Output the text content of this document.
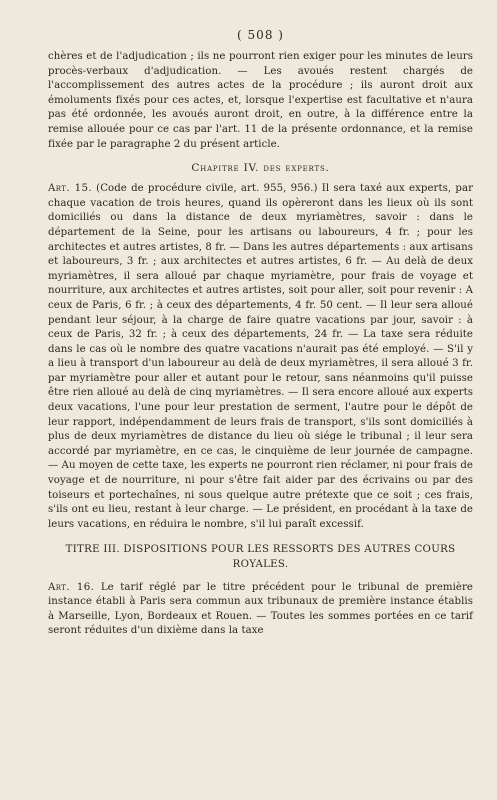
( 508 )

chères et de l'adjudication ; ils ne pourront rien exiger pour les minutes de leurs procès-verbaux d'adjudication. — Les avoués restent chargés de l'accomplissement des autres actes de la procédure ; ils auront droit aux émoluments fixés pour ces actes, et, lorsque l'expertise est facultative et n'aura pas été ordonnée, les avoués auront droit, en outre, à la différence entre la remise allouée pour ce cas par l'art. 11 de la présente ordonnance, et la remise fixée par le paragraphe 2 du présent article.

Chapitre IV. des experts.

Art. 15. (Code de procédure civile, art. 955, 956.) Il sera taxé aux experts, par chaque vacation de trois heures, quand ils opèreront dans les lieux où ils sont domiciliés ou dans la distance de deux myriamètres, savoir : dans le département de la Seine, pour les artisans ou laboureurs, 4 fr. ; pour les architectes et autres artistes, 8 fr. — Dans les autres départements : aux artisans et laboureurs, 3 fr. ; aux architectes et autres artistes, 6 fr. — Au delà de deux myriamètres, il sera alloué par chaque myriamètre, pour frais de voyage et nourriture, aux architectes et autres artistes, soit pour aller, soit pour revenir : A ceux de Paris, 6 fr. ; à ceux des départements, 4 fr. 50 cent. — Il leur sera alloué pendant leur séjour, à la charge de faire quatre vacations par jour, savoir : à ceux de Paris, 32 fr. ; à ceux des départements, 24 fr. — La taxe sera réduite dans le cas où le nombre des quatre vacations n'aurait pas été employé. — S'il y a lieu à transport d'un laboureur au delà de deux myriamètres, il sera alloué 3 fr. par myriamètre pour aller et autant pour le retour, sans néanmoins qu'il puisse être rien alloué au delà de cinq myriamètres. — Il sera encore alloué aux experts deux vacations, l'une pour leur prestation de serment, l'autre pour le dépôt de leur rapport, indépendamment de leurs frais de transport, s'ils sont domiciliés à plus de deux myriamètres de distance du lieu où siége le tribunal ; il leur sera accordé par myriamètre, en ce cas, le cinquième de leur journée de campagne. — Au moyen de cette taxe, les experts ne pourront rien réclamer, ni pour frais de voyage et de nourriture, ni pour s'être fait aider par des écrivains ou par des toiseurs et portechaînes, ni sous quelque autre prétexte que ce soit ; ces frais, s'ils ont eu lieu, restant à leur charge. — Le président, en procédant à la taxe de leurs vacations, en réduira le nombre, s'il lui paraît excessif.

TITRE III. DISPOSITIONS POUR LES RESSORTS DES AUTRES COURS ROYALES.

Art. 16. Le tarif réglé par le titre précédent pour le tribunal de première instance établi à Paris sera commun aux tribunaux de première instance établis à Marseille, Lyon, Bordeaux et Rouen. — Toutes les sommes portées en ce tarif seront réduites d'un dixième dans la taxe
